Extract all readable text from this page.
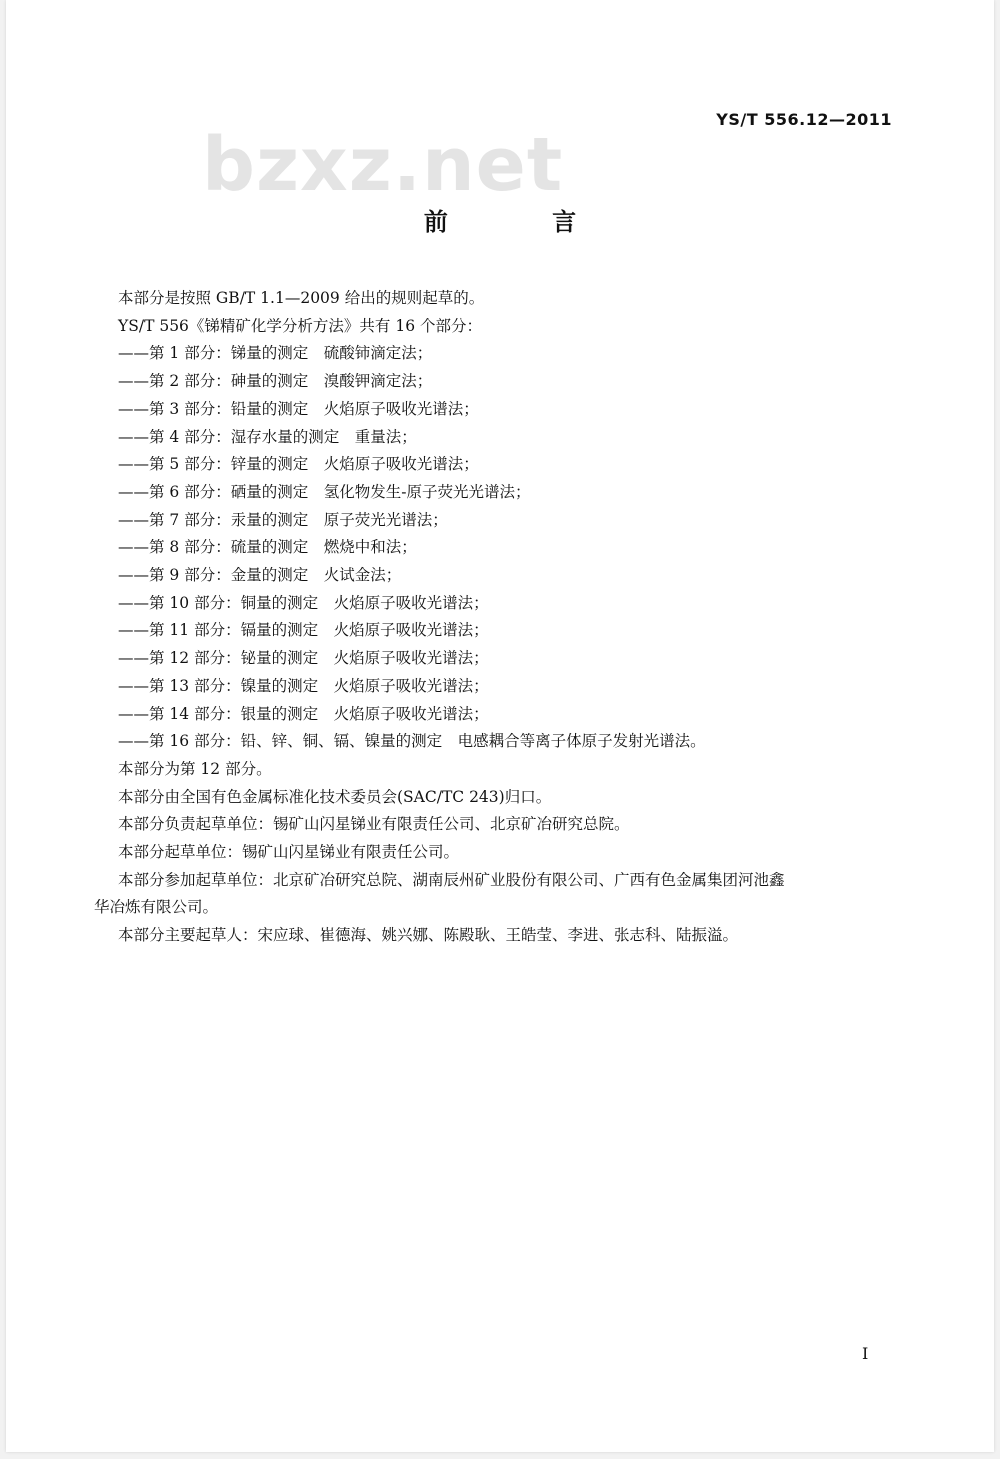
bzxz.net
YS/T 556.12—2011
前 言

本部分是按照 GB/T 1.1—2009 给出的规则起草的。

YS/T 556《锑精矿化学分析方法》共有 16 个部分：

——第 1 部分：锑量的测定　硫酸铈滴定法；

——第 2 部分：砷量的测定　溴酸钾滴定法；

——第 3 部分：铅量的测定　火焰原子吸收光谱法；

——第 4 部分：湿存水量的测定　重量法；

——第 5 部分：锌量的测定　火焰原子吸收光谱法；

——第 6 部分：硒量的测定　氢化物发生-原子荧光光谱法；

——第 7 部分：汞量的测定　原子荧光光谱法；

——第 8 部分：硫量的测定　燃烧中和法；

——第 9 部分：金量的测定　火试金法；

——第 10 部分：铜量的测定　火焰原子吸收光谱法；

——第 11 部分：镉量的测定　火焰原子吸收光谱法；

——第 12 部分：铋量的测定　火焰原子吸收光谱法；

——第 13 部分：镍量的测定　火焰原子吸收光谱法；

——第 14 部分：银量的测定　火焰原子吸收光谱法；

——第 16 部分：铅、锌、铜、镉、镍量的测定　电感耦合等离子体原子发射光谱法。

本部分为第 12 部分。

本部分由全国有色金属标准化技术委员会(SAC/TC 243)归口。

本部分负责起草单位：锡矿山闪星锑业有限责任公司、北京矿冶研究总院。

本部分起草单位：锡矿山闪星锑业有限责任公司。

本部分参加起草单位：北京矿冶研究总院、湖南辰州矿业股份有限公司、广西有色金属集团河池鑫

华冶炼有限公司。

本部分主要起草人：宋应球、崔德海、姚兴娜、陈殿耿、王皓莹、李进、张志科、陆振溢。

I
